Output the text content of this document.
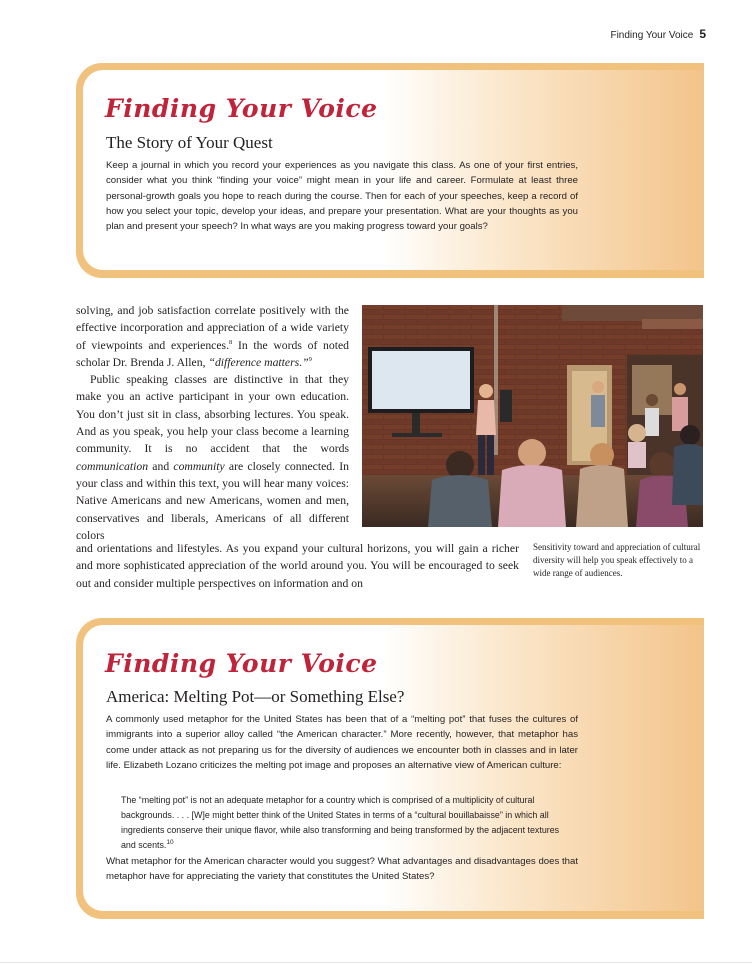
Finding Your Voice 5
Finding Your Voice
The Story of Your Quest

Keep a journal in which you record your experiences as you navigate this class. As one of your first entries, consider what you think “finding your voice” might mean in your life and career. Formulate at least three personal-growth goals you hope to reach during the course. Then for each of your speeches, keep a record of how you select your topic, develop your ideas, and prepare your presentation. What are your thoughts as you plan and present your speech? In what ways are you making progress toward your goals?

solving, and job satisfaction correlate positively with the effective incorporation and appreciation of a wide variety of viewpoints and experiences.$^8$ In the words of noted scholar Dr. Brenda J. Allen, “difference matters.”$^9$

Public speaking classes are distinctive in that they make you an active participant in your own education. You don’t just sit in class, absorbing lectures. You speak. And as you speak, you help your class become a learning community. It is no accident that the words communication and community are closely connected. In your class and within this text, you will hear many voices: Native Americans and new Americans, women and men, conservatives and liberals, Americans of all different colors

and orientations and lifestyles. As you expand your cultural horizons, you will gain a richer and more sophisticated appreciation of the world around you. You will be encouraged to seek out and consider multiple perspectives on information and on

Sensitivity toward and appreciation of cultural diversity will help you speak effectively to a wide range of audiences.
Finding Your Voice
America: Melting Pot—or Something Else?

A commonly used metaphor for the United States has been that of a “melting pot” that fuses the cultures of immigrants into a superior alloy called “the American character.” More recently, however, that metaphor has come under attack as not preparing us for the diversity of audiences we encounter both in classes and in later life. Elizabeth Lozano criticizes the melting pot image and proposes an alternative view of American culture:

The “melting pot” is not an adequate metaphor for a country which is comprised of a multiplicity of cultural backgrounds. . . . [W]e might better think of the United States in terms of a “cultural bouillabaisse” in which all ingredients conserve their unique flavor, while also transforming and being transformed by the adjacent textures and scents.$^{10}$

What metaphor for the American character would you suggest? What advantages and disadvantages does that metaphor have for appreciating the variety that constitutes the United States?
